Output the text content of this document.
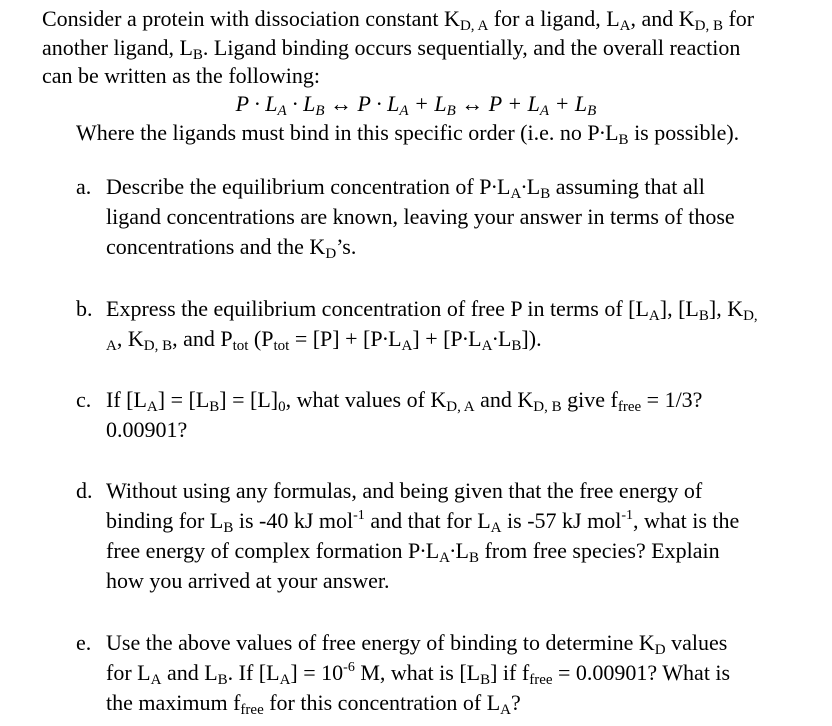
Consider a protein with dissociation constant $K_{D, A}$ for a ligand, $L_A$, and $K_{D, B}$ for
another ligand, $L_B$. Ligand binding occurs sequentially, and the overall reaction
can be written as the following:
$P \cdot L_A \cdot L_B$ ↔ $P \cdot L_A + L_B$ ↔ $P + L_A + L_B$
Where the ligands must bind in this specific order (i.e. no $P\cdot L_B$ is possible).
a. Describe the equilibrium concentration of $P\cdot L_A\cdot L_B$ assuming that all
ligand concentrations are known, leaving your answer in terms of those
concentrations and the $K_D’s$.
b. Express the equilibrium concentration of free P in terms of $[L_A]$, $[L_B]$, $K_{D,}$
$_A$, $K_{D, B}$, and $P_{tot}$ $(P_{tot} = [P] + [P\cdot L_A] + [P\cdot L_A\cdot L_B])$.
c. If $[L_A] = [L_B] = [L]_0$, what values of $K_{D, A}$ and $K_{D, B}$ give $f_{free} = 1/3$?
0.00901?
d. Without using any formulas, and being given that the free energy of
binding for $L_B$ is -40 kJ mol$^{-1}$ and that for $L_A$ is -57 kJ mol$^{-1}$, what is the
free energy of complex formation $P\cdot L_A\cdot L_B$ from free species? Explain
how you arrived at your answer.
e. Use the above values of free energy of binding to determine $K_D$ values
for $L_A$ and $L_B$. If $[L_A] = 10^{-6}$ M, what is $[L_B]$ if $f_{free} = 0.00901$? What is
the maximum $f_{free}$ for this concentration of $L_A$?
